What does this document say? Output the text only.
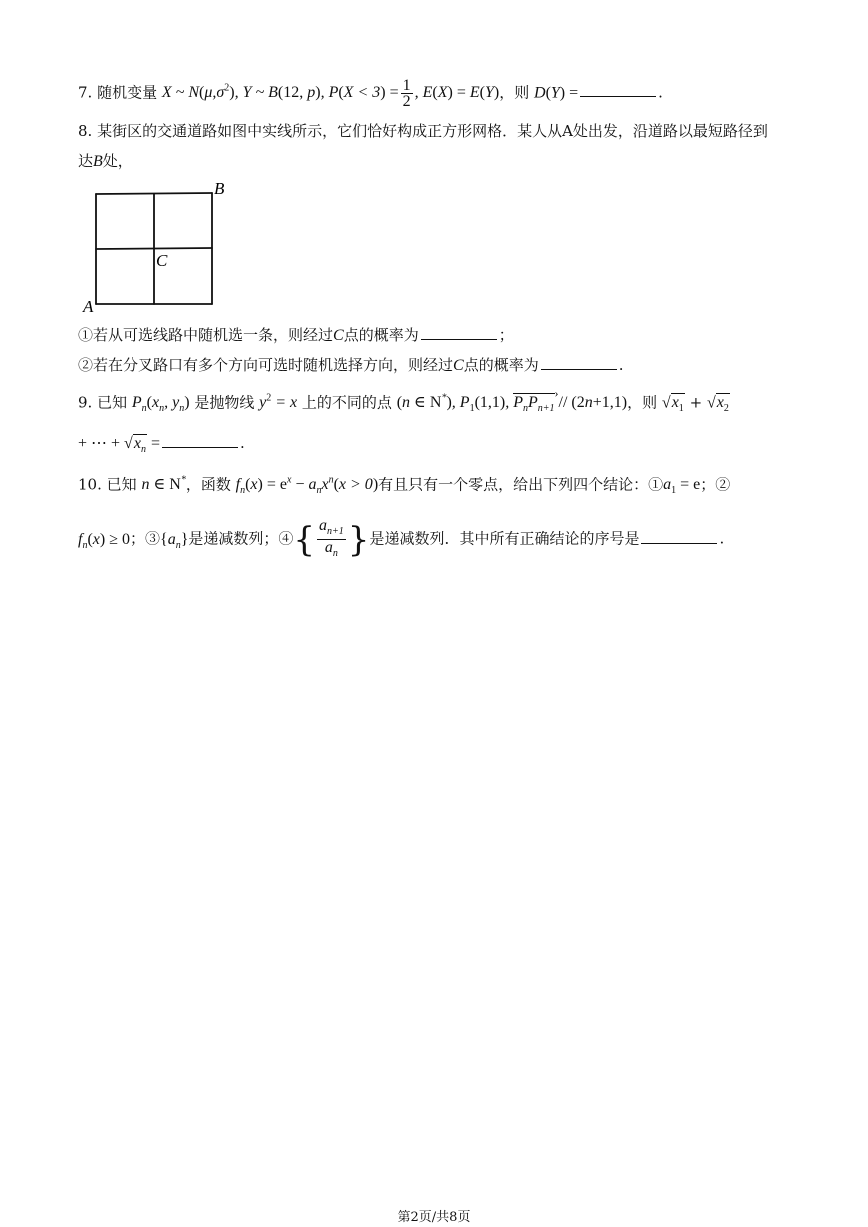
7. 随机变量 X ~ $N(\mu,\sigma^2)$, Y ~ B(12, p), $P(X < 3) = \frac{1}{2}$ , E(X) = E(Y)，则 D(Y) =	.
8. 某街区的交通道路如图中实线所示，它们恰好构成正方形网格．某人从A处出发，沿道路以最短路径到
达B处，
B
C
A
①若从可选线路中随机选一条，则经过C点的概率为	；
②若在分叉路口有多个方向可选时随机选择方向，则经过C点的概率为	.
9. 已知 $P_n(x_n$, $y_n$) 是抛物线 $y^2 = x$ 上的不同的点 (n ∈ N*), $P_1(1,1)$, $P_nP_{n+1}$ › // (2n+1,1)，则 $√x_1 + √x_2$
+ ⋯ + $√x_n$ =	.
10. 已知 n ∈ N*，函数 $f_n(x) = e^x - a_nx^n(x > 0)$有且只有一个零点，给出下列四个结论：$①a_1 = e$；②
$f_n(x) \ge 0$；$③\{a_n\}$是递减数列；④ { $\frac{a_{n+1}}{a_n}$ } 是递减数列．其中所有正确结论的序号是	.
第2页/共8页
